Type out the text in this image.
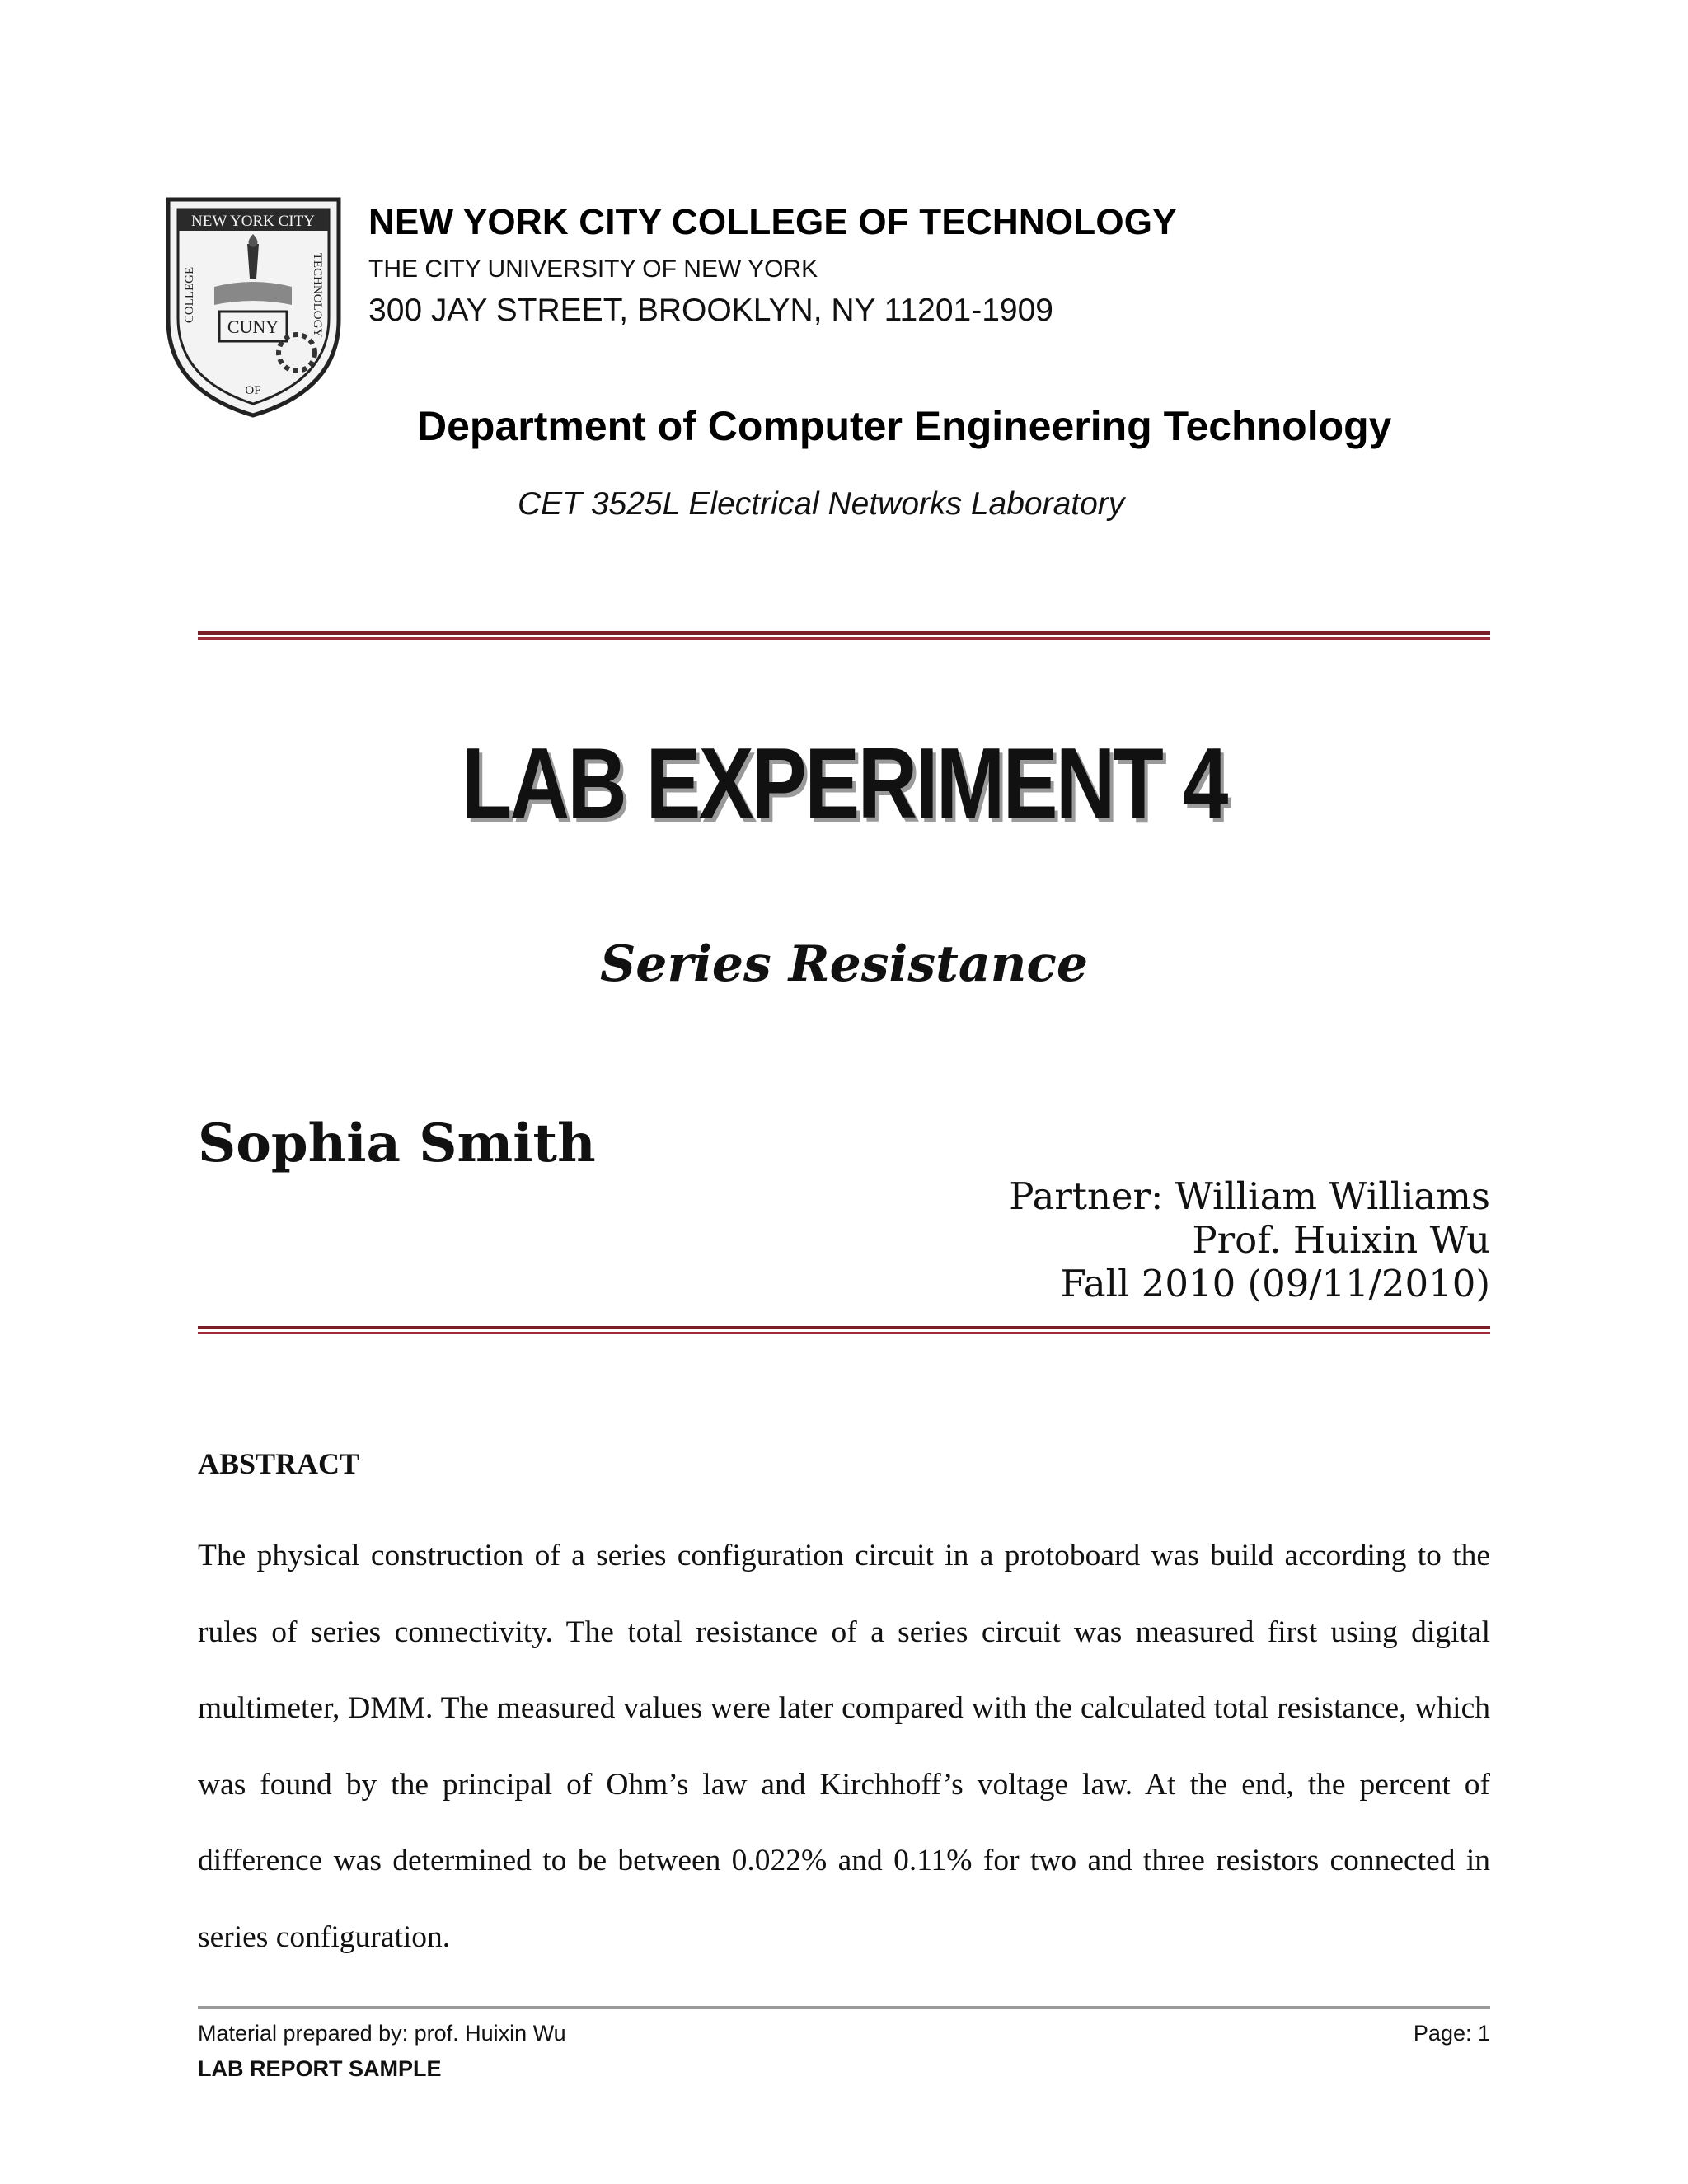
NEW YORK CITY
COLLEGE	TECHNOLOGY
OF
CUNY
NEW YORK CITY COLLEGE OF TECHNOLOGY
THE CITY UNIVERSITY OF NEW YORK
300 JAY STREET, BROOKLYN, NY 11201-1909
Department of Computer Engineering Technology
CET 3525L Electrical Networks Laboratory
LAB EXPERIMENT 4
Series Resistance
Sophia Smith
Partner: William Williams
Prof. Huixin Wu
Fall 2010 (09/11/2010)
ABSTRACT
The physical construction of a series configuration circuit in a protoboard was build according to the rules of series connectivity. The total resistance of a series circuit was measured first using digital multimeter, DMM. The measured values were later compared with the calculated total resistance, which was found by the principal of Ohm’s law and Kirchhoff’s voltage law. At the end, the percent of difference was determined to be between 0.022% and 0.11% for two and three resistors connected in series configuration.
Material prepared by: prof. Huixin Wu	Page: 1
LAB REPORT SAMPLE
